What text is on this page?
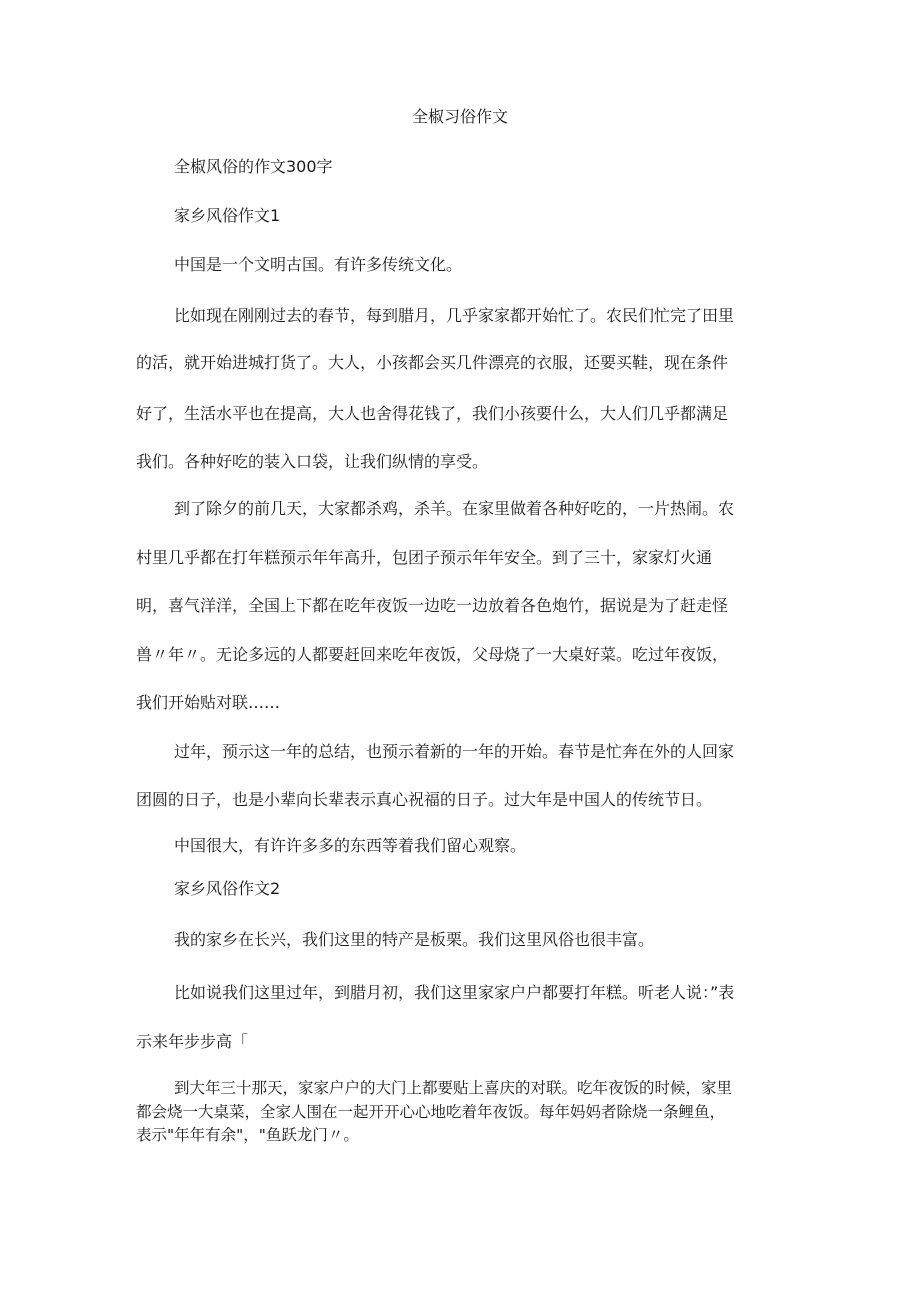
全椒习俗作文
全椒风俗的作文300字
家乡风俗作文1
中国是一个文明古国。有许多传统文化。
比如现在刚刚过去的春节，每到腊月，几乎家家都开始忙了。农民们忙完了田里
的活，就开始进城打货了。大人，小孩都会买几件漂亮的衣服，还要买鞋，现在条件
好了，生活水平也在提高，大人也舍得花钱了，我们小孩要什么，大人们几乎都满足
我们。各种好吃的装入口袋，让我们纵情的享受。
到了除夕的前几天，大家都杀鸡，杀羊。在家里做着各种好吃的，一片热闹。农
村里几乎都在打年糕预示年年高升，包团子预示年年安全。到了三十，家家灯火通
明，喜气洋洋，全国上下都在吃年夜饭一边吃一边放着各色炮竹，据说是为了赶走怪
兽〃年〃。无论多远的人都要赶回来吃年夜饭，父母烧了一大桌好菜。吃过年夜饭，
我们开始贴对联……
过年，预示这一年的总结，也预示着新的一年的开始。春节是忙奔在外的人回家
团圆的日子，也是小辈向长辈表示真心祝福的日子。过大年是中国人的传统节日。
中国很大，有许许多多的东西等着我们留心观察。
家乡风俗作文2
我的家乡在长兴，我们这里的特产是板栗。我们这里风俗也很丰富。
比如说我们这里过年，到腊月初，我们这里家家户户都要打年糕。听老人说：”表
示来年步步高「
到大年三十那天，家家户户的大门上都要贴上喜庆的对联。吃年夜饭的时候，家里
都会烧一大桌菜，全家人围在一起开开心心地吃着年夜饭。每年妈妈者除烧一条鲤鱼，
表示"年年有余"，"鱼跃龙门〃。
